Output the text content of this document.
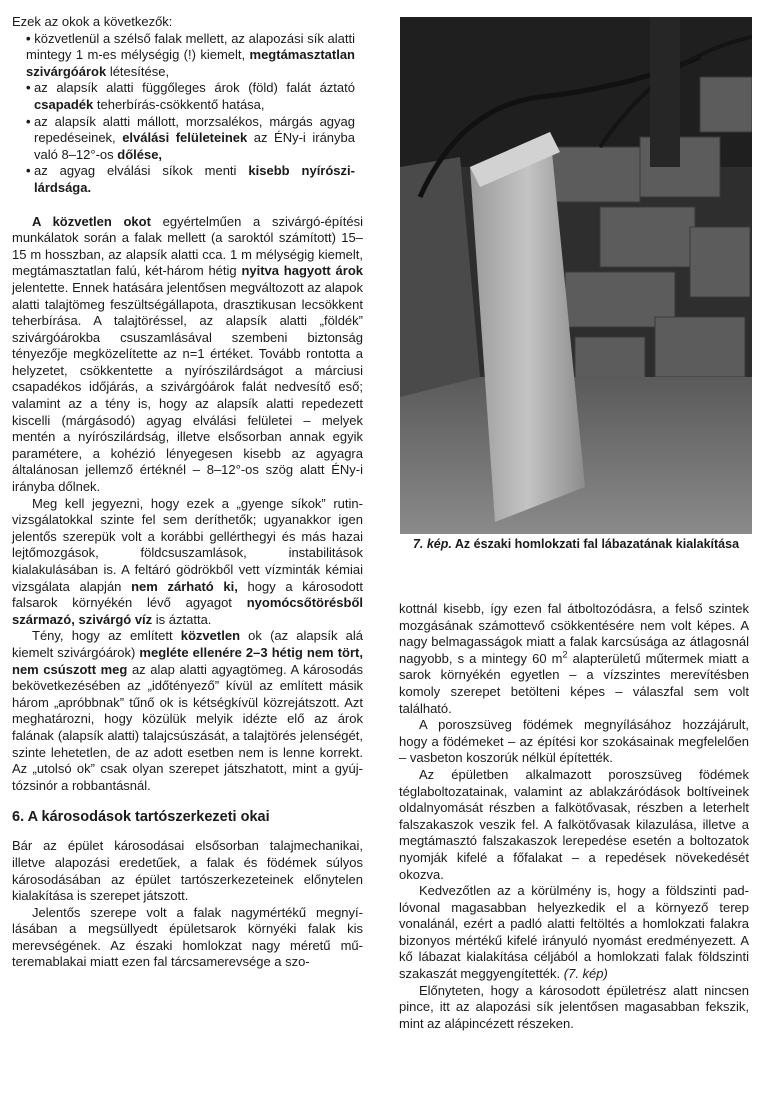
Ezek az okok a következők:

• • közvetlenül a szélső falak mellett, az alapozási sík alatti mintegy 1 m-es mélységig (!) kiemelt, megtámasztatlan szivárgóárok létesítése,
• az alapsík alatti függőleges árok (föld) falát áztató csapadék teherbírás-csökkentő hatása,
• az alapsík alatti mállott, morzsalékos, márgás agyag repedéseinek, elválási felületeinek az ÉNy-i irányba való 8–12°-os dőlése,
• az agyag elválási síkok menti kisebb nyírószilárdsága.

A közvetlen okot egyértelműen a szivárgó-építési munkálatok során a falak mellett (a saroktól számított) 15–15 m hosszban, az alapsík alatti cca. 1 m mélységig kiemelt, megtámasztatlan falú, két-három hétig nyitva hagyott árok jelentette. Ennek hatására jelentősen megváltozott az alapok alatti talajtömeg feszültségállapota, drasztikusan lecsökkent teherbírása. A talajtöréssel, az alapsík alatti „földék” szivárgóárokba csuszamlásával szembeni biztonság tényezője megközelítette az n=1 értéket. Tovább rontotta a helyzetet, csökkentette a nyírószilárdságot a márciusi csapadékos időjárás, a szivárgóárok falát nedvesítő eső; valamint az a tény is, hogy az alapsík alatti repedezett kiscelli (márgásodó) agyag elválási felületei – melyek mentén a nyírószilárdság, illetve elsősorban annak egyik paramétere, a kohézió lényegesen kisebb az agyagra általánosan jellemző értéknél – 8–12°-os szög alatt ÉNy-i irányba dőlnek.

Meg kell jegyezni, hogy ezek a „gyenge síkok” rutinvizsgálatokkal szinte fel sem deríthetők; ugyanakkor igen jelentős szerepük volt a korábbi gellérthegyi és más hazai lejtőmozgások, földcsuszamlások, instabilitások kialakulásában is. A feltáró gödrökből vett vízminták kémiai vizsgálata alapján nem zárható ki, hogy a károsodott falsarok környékén lévő agyagot nyomócsőtörésből származó, szivárgó víz is áztatta.

Tény, hogy az említett közvetlen ok (az alapsík alá kiemelt szivárgóárok) megléte ellenére 2–3 hétig nem tört, nem csúszott meg az alap alatti agyagtömeg. A károsodás bekövetkezésében az „időtényező” kívül az említett másik három „apróbbnak” tűnő ok is kétségkívül közrejátszott. Azt meghatározni, hogy közülük melyik idézte elő az árok falának (alapsík alatti) talajcsúszását, a talajtörés jelenségét, szinte lehetetlen, de az adott esetben nem is lenne korrekt. Az „utolsó ok” csak olyan szerepet játszhatott, mint a gyújtózsinór a robbantásnál.

6. A károsodások tartószerkezeti okai

Bár az épület károsodásai elsősorban talajmechanikai, illetve alapozási eredetűek, a falak és födémek súlyos károsodásában az épület tartószerkezeteinek előnytelen kialakítása is szerepet játszott.

Jelentős szerepe volt a falak nagymértékű megnyílásában a megsüllyedt épületsarok környéki falak kis merevségének. Az északi homlokzat nagy méretű műteremablakai miatt ezen fal tárcsamerevsége a szo-

7. kép. Az északi homlokzati fal lábazatának kialakítása

kottnál kisebb, így ezen fal átboltozódásra, a felső szintek mozgásának számottevő csökkentésére nem volt képes. A nagy belmagasságok miatt a falak karcsúsága az átlagosnál nagyobb, s a mintegy 60 $m^2$ alapterületű műtermek miatt a sarok környékén egyetlen – a vízszintes merevítésben komoly szerepet betölteni képes – válaszfal sem volt található.

A poroszsüveg födémek megnyílásához hozzájárult, hogy a födémeket – az építési kor szokásainak megfelelően – vasbeton koszorúk nélkül építették.

Az épületben alkalmazott poroszsüveg födémek téglaboltozatainak, valamint az ablakzáródások boltíveinek oldalnyomását részben a falkötővasak, részben a leterhelt falszakaszok veszik fel. A falkötővasak kilazulása, illetve a megtámasztó falszakaszok lerepedése esetén a boltozatok nyomják kifelé a főfalakat – a repedések növekedését okozva.

Kedvezőtlen az a körülmény is, hogy a földszinti padlóvonal magasabban helyezkedik el a környező terep vonalánál, ezért a padló alatti feltöltés a homlokzati falakra bizonyos mértékű kifelé irányuló nyomást eredményezett. A kő lábazat kialakítása céljából a homlokzati falak földszinti szakaszát meggyengítették. (7. kép)

Előnyteten, hogy a károsodott épületrész alatt nincsen pince, itt az alapozási sík jelentősen magasabban fekszik, mint az alápincézett részeken.
